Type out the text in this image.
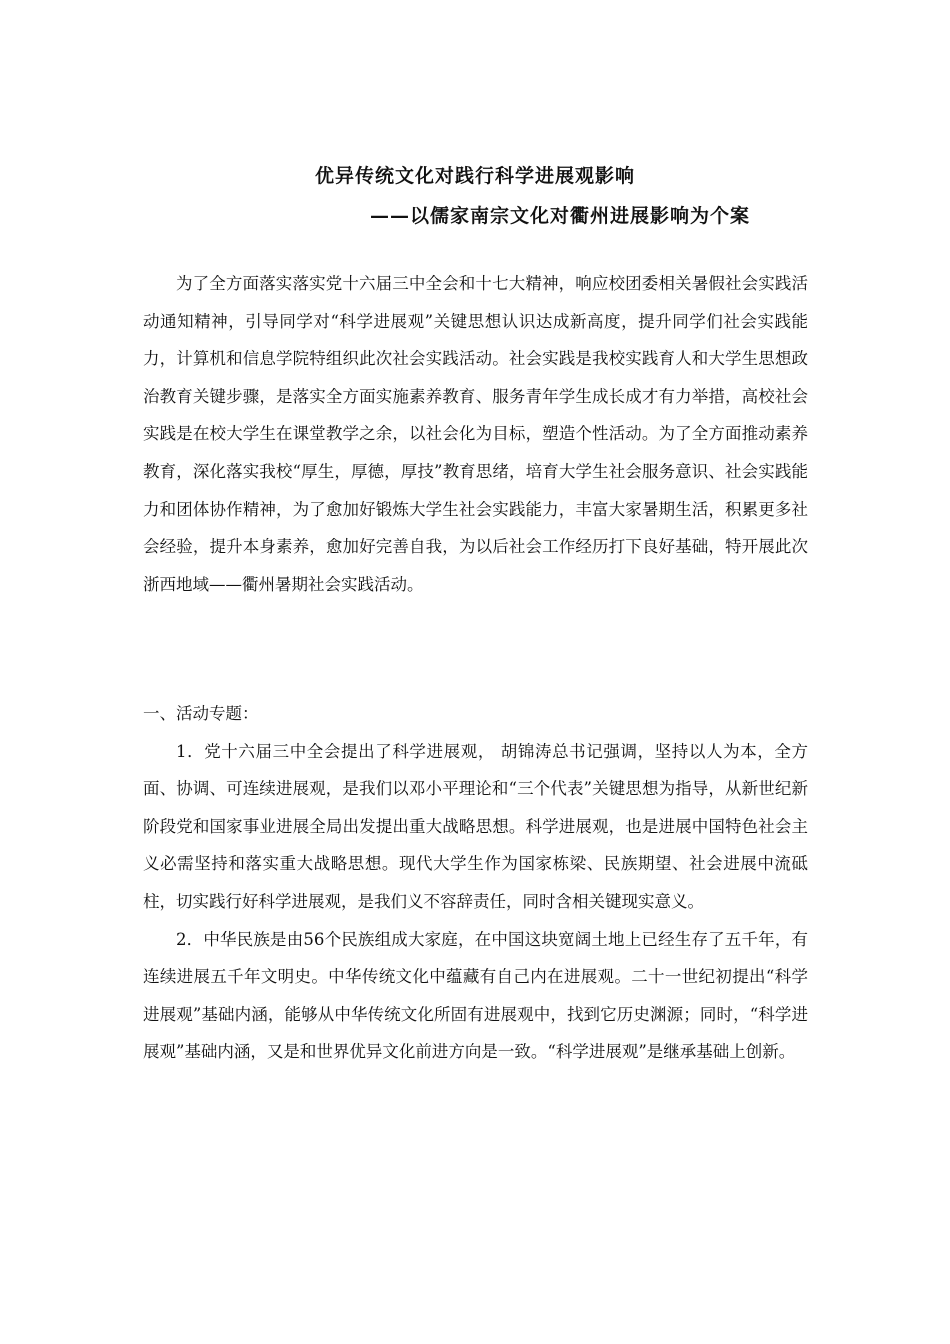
优异传统文化对践行科学进展观影响
——以儒家南宗文化对衢州进展影响为个案

为了全方面落实落实党十六届三中全会和十七大精神，响应校团委相关暑假社会实践活动通知精神，引导同学对“科学进展观”关键思想认识达成新高度，提升同学们社会实践能力，计算机和信息学院特组织此次社会实践活动。社会实践是我校实践育人和大学生思想政治教育关键步骤，是落实全方面实施素养教育、服务青年学生成长成才有力举措，高校社会实践是在校大学生在课堂教学之余，以社会化为目标，塑造个性活动。为了全方面推动素养教育，深化落实我校“厚生，厚德，厚技”教育思绪，培育大学生社会服务意识、社会实践能力和团体协作精神，为了愈加好锻炼大学生社会实践能力，丰富大家暑期生活，积累更多社会经验，提升本身素养，愈加好完善自我，为以后社会工作经历打下良好基础，特开展此次浙西地域——衢州暑期社会实践活动。

一、活动专题：

1．党十六届三中全会提出了科学进展观， 胡锦涛总书记强调，坚持以人为本，全方面、协调、可连续进展观，是我们以邓小平理论和“三个代表”关键思想为指导，从新世纪新阶段党和国家事业进展全局出发提出重大战略思想。科学进展观，也是进展中国特色社会主义必需坚持和落实重大战略思想。现代大学生作为国家栋梁、民族期望、社会进展中流砥柱，切实践行好科学进展观，是我们义不容辞责任，同时含相关键现实意义。

2．中华民族是由56个民族组成大家庭，在中国这块宽阔土地上已经生存了五千年，有连续进展五千年文明史。中华传统文化中蕴藏有自己内在进展观。二十一世纪初提出“科学进展观”基础内涵，能够从中华传统文化所固有进展观中，找到它历史渊源；同时，“科学进展观”基础内涵，又是和世界优异文化前进方向是一致。“科学进展观”是继承基础上创新。
